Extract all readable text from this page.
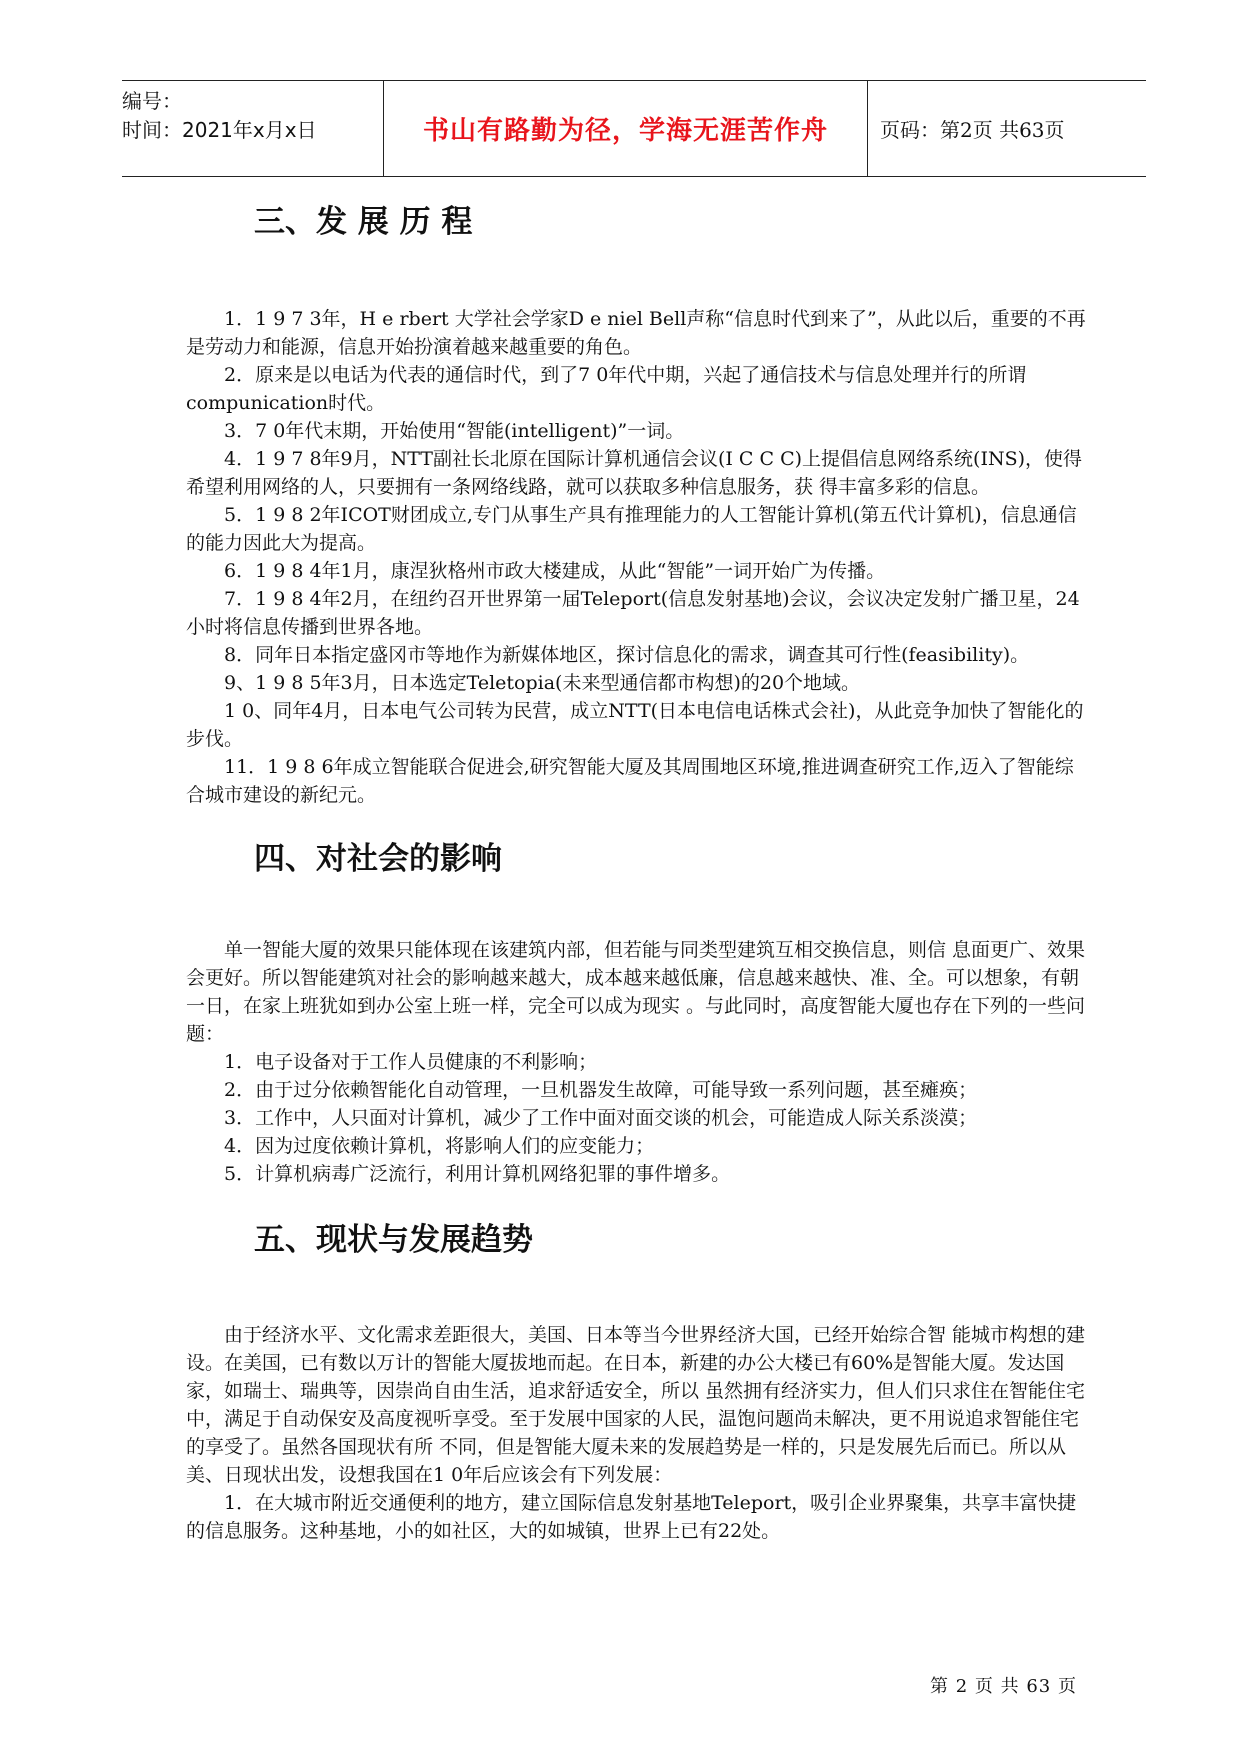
编号：
时间：2021年x月x日	书山有路勤为径，学海无涯苦作舟	页码：第2页 共63页
三、发 展 历 程

1．1 9 7 3年，H e rbert 大学社会学家D e niel Bell声称“信息时代到来了”，从此以后，重要的不再是劳动力和能源，信息开始扮演着越来越重要的角色。

2．原来是以电话为代表的通信时代，到了7 0年代中期，兴起了通信技术与信息处理并行的所谓compunication时代。

3．7 0年代末期，开始使用“智能(intelligent)”一词。

4．1 9 7 8年9月，NTT副社长北原在国际计算机通信会议(I C C C)上提倡信息网络系统(INS)，使得希望利用网络的人，只要拥有一条网络线路，就可以获取多种信息服务，获 得丰富多彩的信息。

5．1 9 8 2年ICOT财团成立,专门从事生产具有推理能力的人工智能计算机(第五代计算机)，信息通信的能力因此大为提高。

6．1 9 8 4年1月，康涅狄格州市政大楼建成，从此“智能”一词开始广为传播。

7．1 9 8 4年2月，在纽约召开世界第一届Teleport(信息发射基地)会议，会议决定发射广播卫星，24小时将信息传播到世界各地。

8．同年日本指定盛冈市等地作为新媒体地区，探讨信息化的需求，调查其可行性(feasibility)。

9、1 9 8 5年3月，日本选定Teletopia(未来型通信都市构想)的20个地域。

1 0、同年4月，日本电气公司转为民营，成立NTT(日本电信电话株式会社)，从此竞争加快了智能化的步伐。

11．1 9 8 6年成立智能联合促进会,研究智能大厦及其周围地区环境,推进调查研究工作,迈入了智能综合城市建设的新纪元。

四、对社会的影响

单一智能大厦的效果只能体现在该建筑内部，但若能与同类型建筑互相交换信息，则信 息面更广、效果会更好。所以智能建筑对社会的影响越来越大，成本越来越低廉，信息越来越快、准、全。可以想象，有朝一日，在家上班犹如到办公室上班一样，完全可以成为现实 。与此同时，高度智能大厦也存在下列的一些问题：

1．电子设备对于工作人员健康的不利影响；

2．由于过分依赖智能化自动管理，一旦机器发生故障，可能导致一系列问题，甚至瘫痪；

3．工作中，人只面对计算机，减少了工作中面对面交谈的机会，可能造成人际关系淡漠；

4．因为过度依赖计算机，将影响人们的应变能力；

5．计算机病毒广泛流行，利用计算机网络犯罪的事件增多。

五、现状与发展趋势

由于经济水平、文化需求差距很大，美国、日本等当今世界经济大国，已经开始综合智 能城市构想的建设。在美国，已有数以万计的智能大厦拔地而起。在日本，新建的办公大楼已有60%是智能大厦。发达国家，如瑞士、瑞典等，因崇尚自由生活，追求舒适安全，所以 虽然拥有经济实力，但人们只求住在智能住宅中，满足于自动保安及高度视听享受。至于发展中国家的人民，温饱问题尚未解决，更不用说追求智能住宅的享受了。虽然各国现状有所 不同，但是智能大厦未来的发展趋势是一样的，只是发展先后而已。所以从美、日现状出发，设想我国在1 0年后应该会有下列发展：

1．在大城市附近交通便利的地方，建立国际信息发射基地Teleport，吸引企业界聚集，共享丰富快捷的信息服务。这种基地，小的如社区，大的如城镇，世界上已有22处。

第 2 页 共 63 页
